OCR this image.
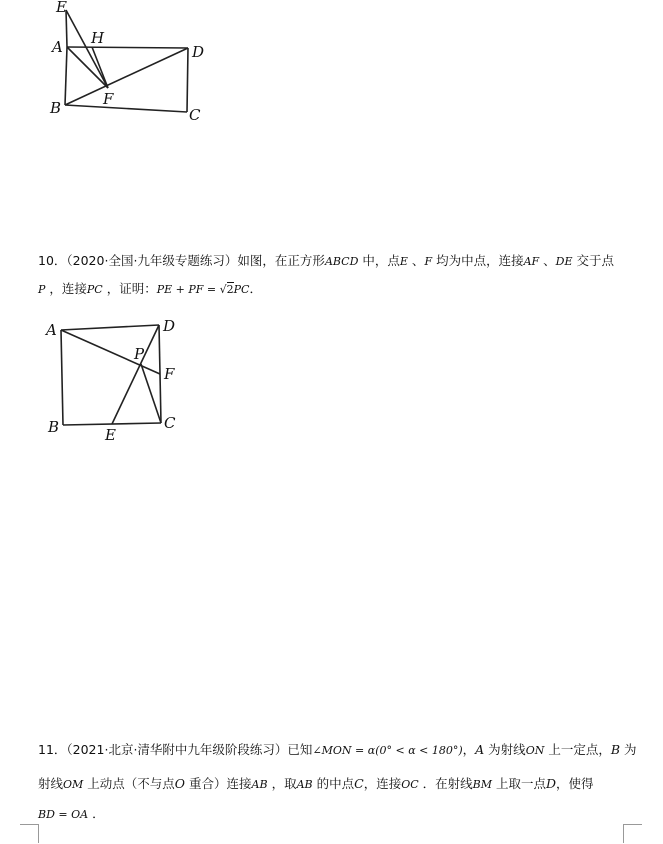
E
H
A	D
B	F
C
10．（2020·全国·九年级专题练习）如图，在正方形ABCD 中，点E 、F 均为中点，连接AF 、DE 交于点
P ，连接PC ，证明：PE + PF = √2PC．
A	D
P
F
B	E
C
11．（2021·北京·清华附中九年级阶段练习）已知∠MON = α(0° < α < 180°)，A 为射线ON 上一定点，B 为
射线OM 上动点（不与点O 重合）连接AB ，取AB 的中点C，连接OC ．在射线BM 上取一点D，使得
BD = OA ．
